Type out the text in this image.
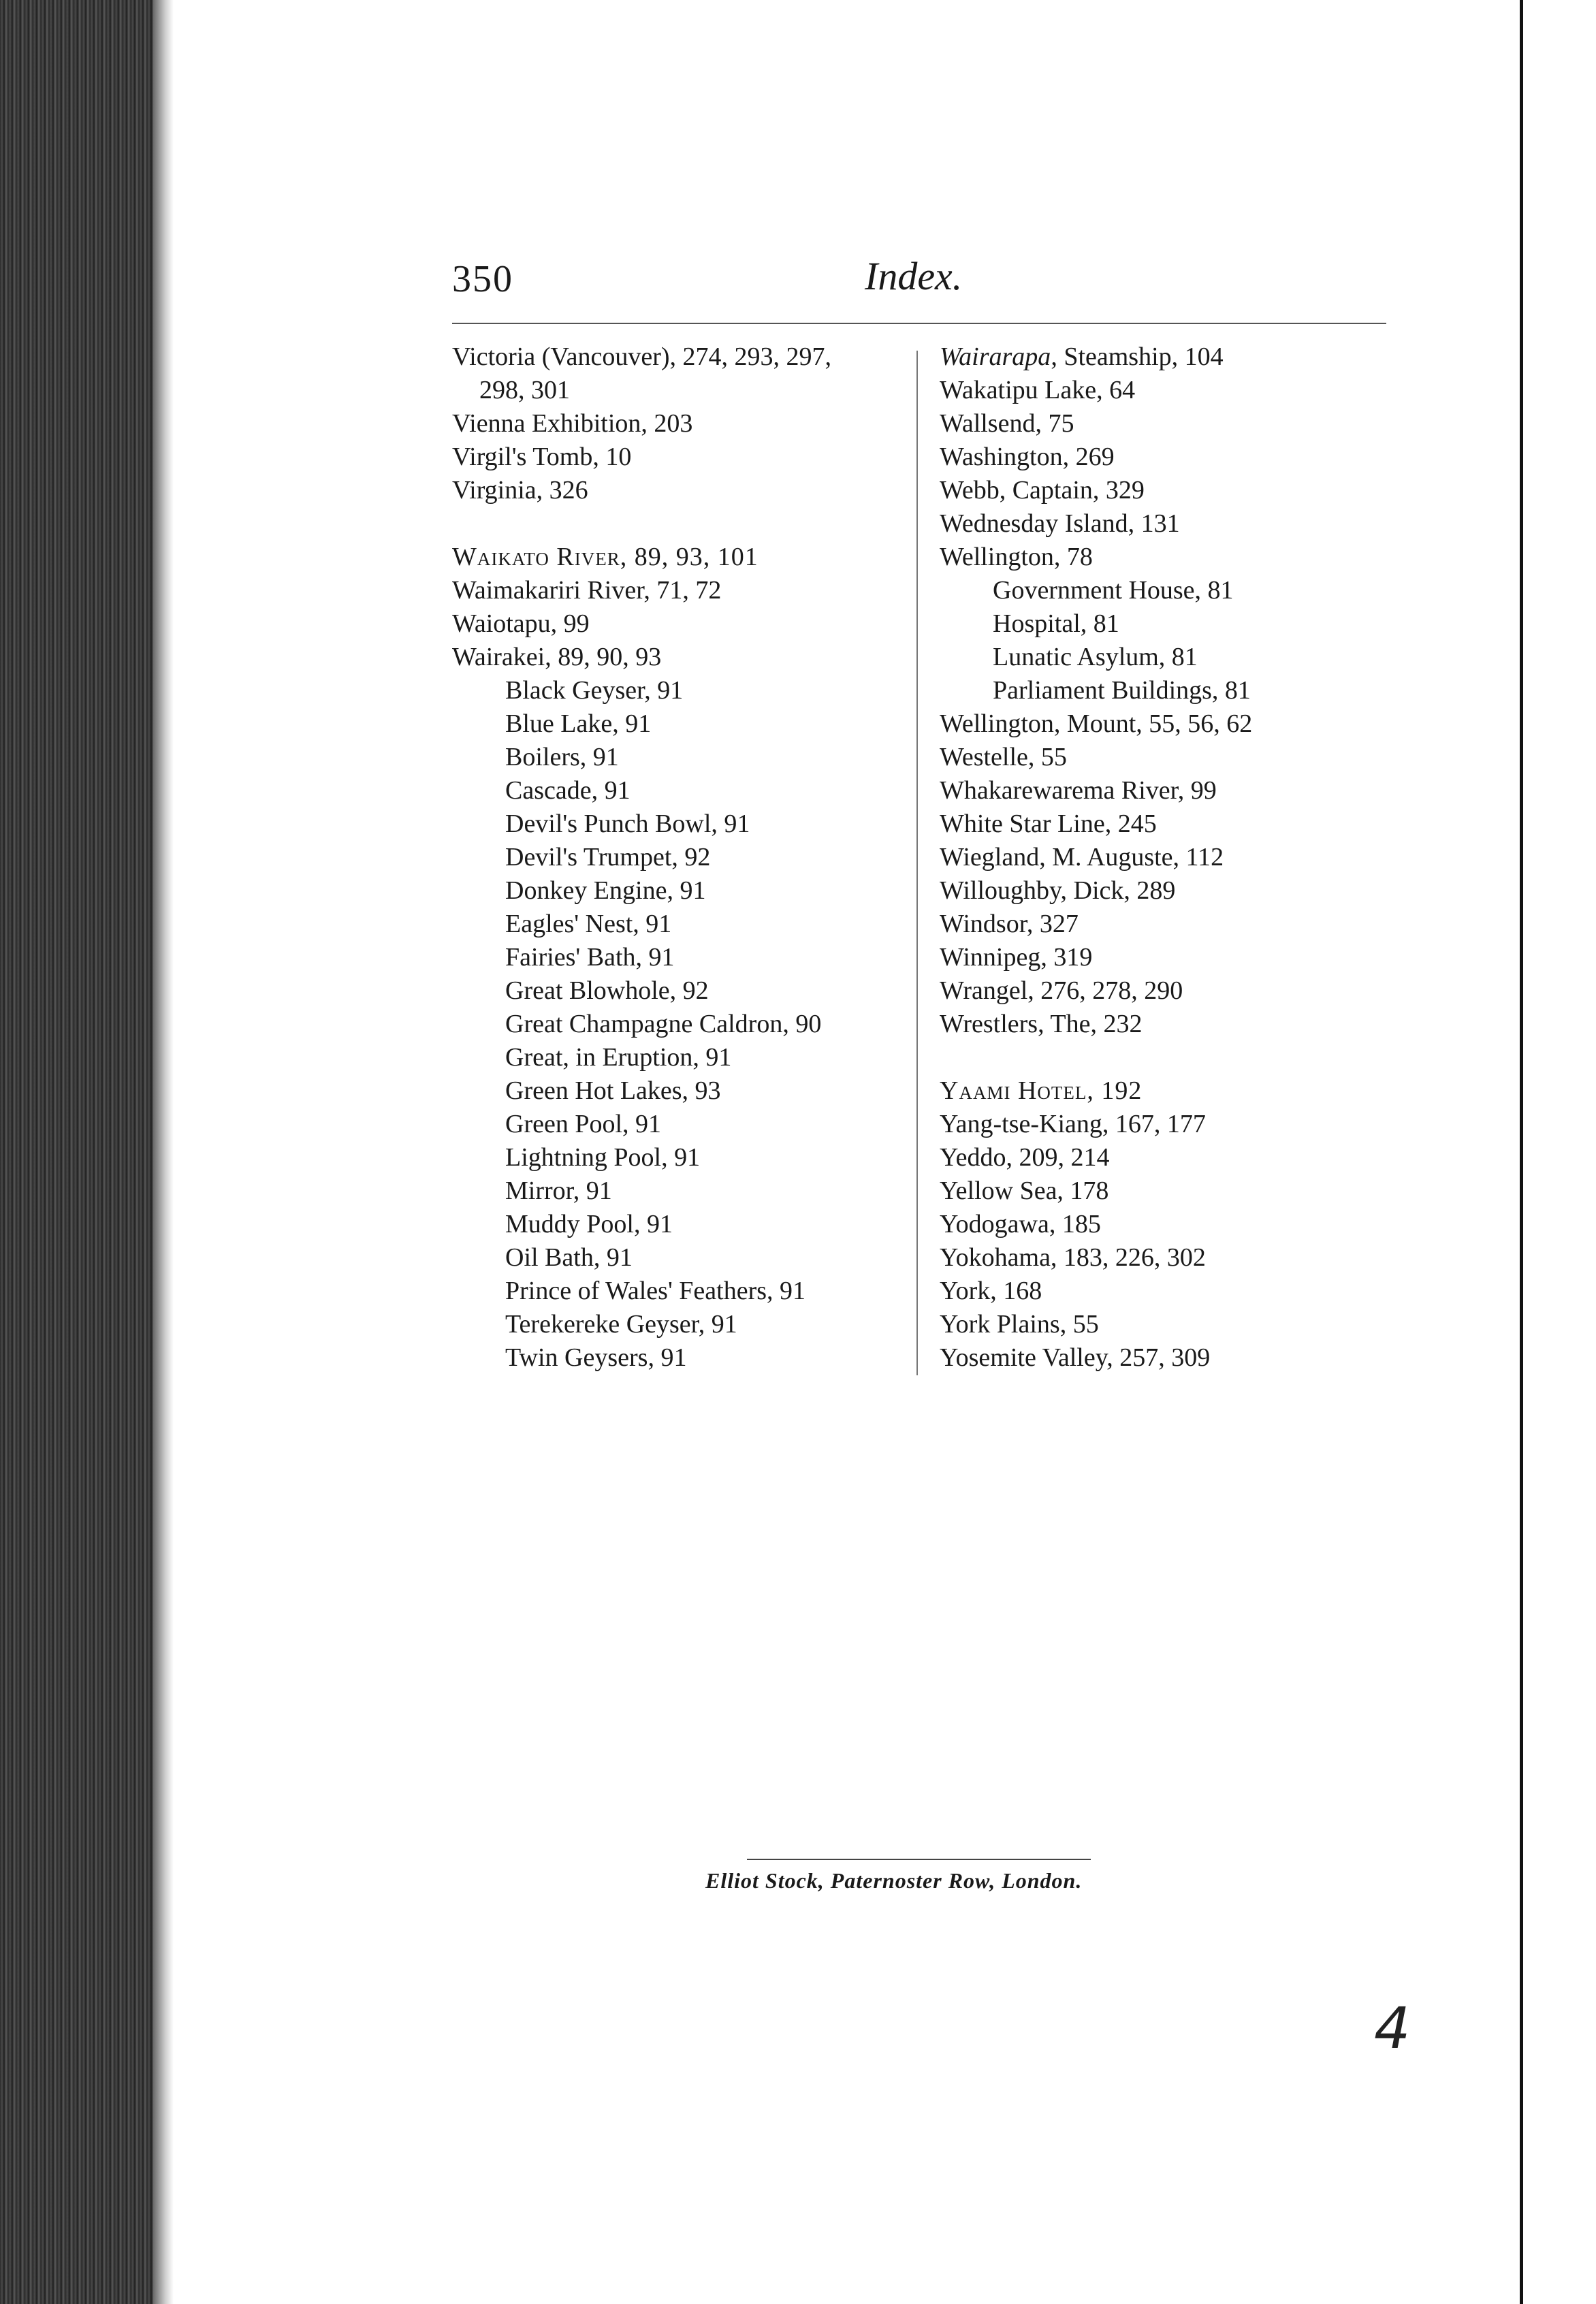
350	Index.
Victoria (Vancouver), 274, 293, 297,
298, 301
Vienna Exhibition, 203
Virgil's Tomb, 10
Virginia, 326
Waikato River, 89, 93, 101
Waimakariri River, 71, 72
Waiotapu, 99
Wairakei, 89, 90, 93
Black Geyser, 91
Blue Lake, 91
Boilers, 91
Cascade, 91
Devil's Punch Bowl, 91
Devil's Trumpet, 92
Donkey Engine, 91
Eagles' Nest, 91
Fairies' Bath, 91
Great Blowhole, 92
Great Champagne Caldron, 90
Great, in Eruption, 91
Green Hot Lakes, 93
Green Pool, 91
Lightning Pool, 91
Mirror, 91
Muddy Pool, 91
Oil Bath, 91
Prince of Wales' Feathers, 91
Terekereke Geyser, 91
Twin Geysers, 91
Wairarapa, Steamship, 104
Wakatipu Lake, 64
Wallsend, 75
Washington, 269
Webb, Captain, 329
Wednesday Island, 131
Wellington, 78
Government House, 81
Hospital, 81
Lunatic Asylum, 81
Parliament Buildings, 81
Wellington, Mount, 55, 56, 62
Westelle, 55
Whakarewarema River, 99
White Star Line, 245
Wiegland, M. Auguste, 112
Willoughby, Dick, 289
Windsor, 327
Winnipeg, 319
Wrangel, 276, 278, 290
Wrestlers, The, 232
Yaami Hotel, 192
Yang-tse-Kiang, 167, 177
Yeddo, 209, 214
Yellow Sea, 178
Yodogawa, 185
Yokohama, 183, 226, 302
York, 168
York Plains, 55
Yosemite Valley, 257, 309
Elliot Stock, Paternoster Row, London.
4
